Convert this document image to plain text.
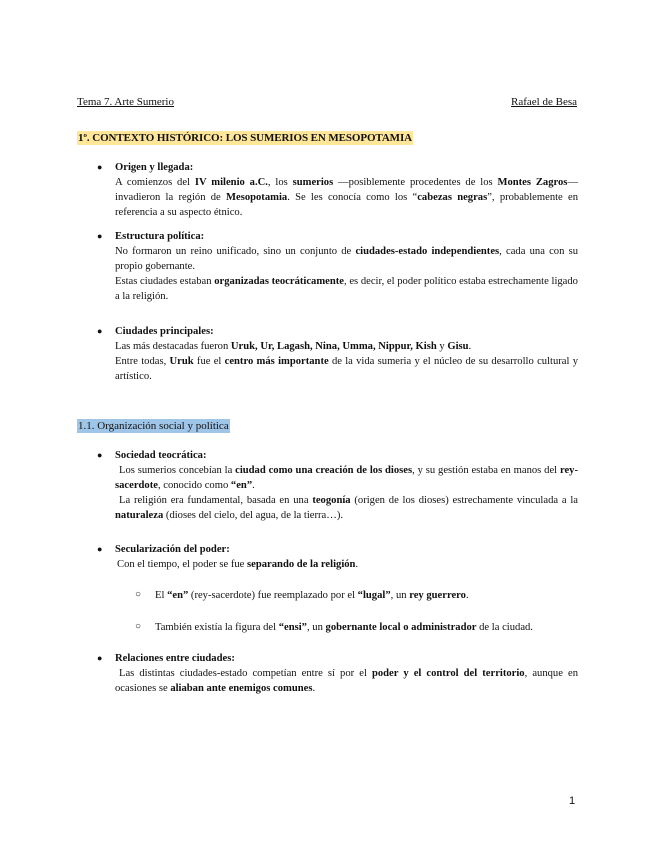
Tema 7. Arte Sumerio	Rafael de Besa
1º. CONTEXTO HISTÓRICO: LOS SUMERIOS EN MESOPOTAMIA
● Origen y llegada:

A comienzos del IV milenio a.C., los sumerios —posiblemente procedentes de los Montes Zagros— invadieron la región de Mesopotamia. Se les conocía como los “cabezas negras”, probablemente en referencia a su aspecto étnico.

● Estructura política:

No formaron un reino unificado, sino un conjunto de ciudades-estado independientes, cada una con su propio gobernante.

Estas ciudades estaban organizadas teocráticamente, es decir, el poder político estaba estrechamente ligado a la religión.

● Ciudades principales:

Las más destacadas fueron Uruk, Ur, Lagash, Nina, Umma, Nippur, Kish y Gisu.

Entre todas, Uruk fue el centro más importante de la vida sumeria y el núcleo de su desarrollo cultural y artístico.

1.1. Organización social y política
● Sociedad teocrática:

Los sumerios concebían la ciudad como una creación de los dioses, y su gestión estaba en manos del rey-sacerdote, conocido como “en”.

La religión era fundamental, basada en una teogonía (origen de los dioses) estrechamente vinculada a la naturaleza (dioses del cielo, del agua, de la tierra…).

● Secularización del poder:

Con el tiempo, el poder se fue separando de la religión.

○ El “en” (rey-sacerdote) fue reemplazado por el “lugal”, un rey guerrero.
○ También existía la figura del “ensi”, un gobernante local o administrador de la ciudad.
● Relaciones entre ciudades:

Las distintas ciudades-estado competían entre sí por el poder y el control del territorio, aunque en ocasiones se aliaban ante enemigos comunes.

1
